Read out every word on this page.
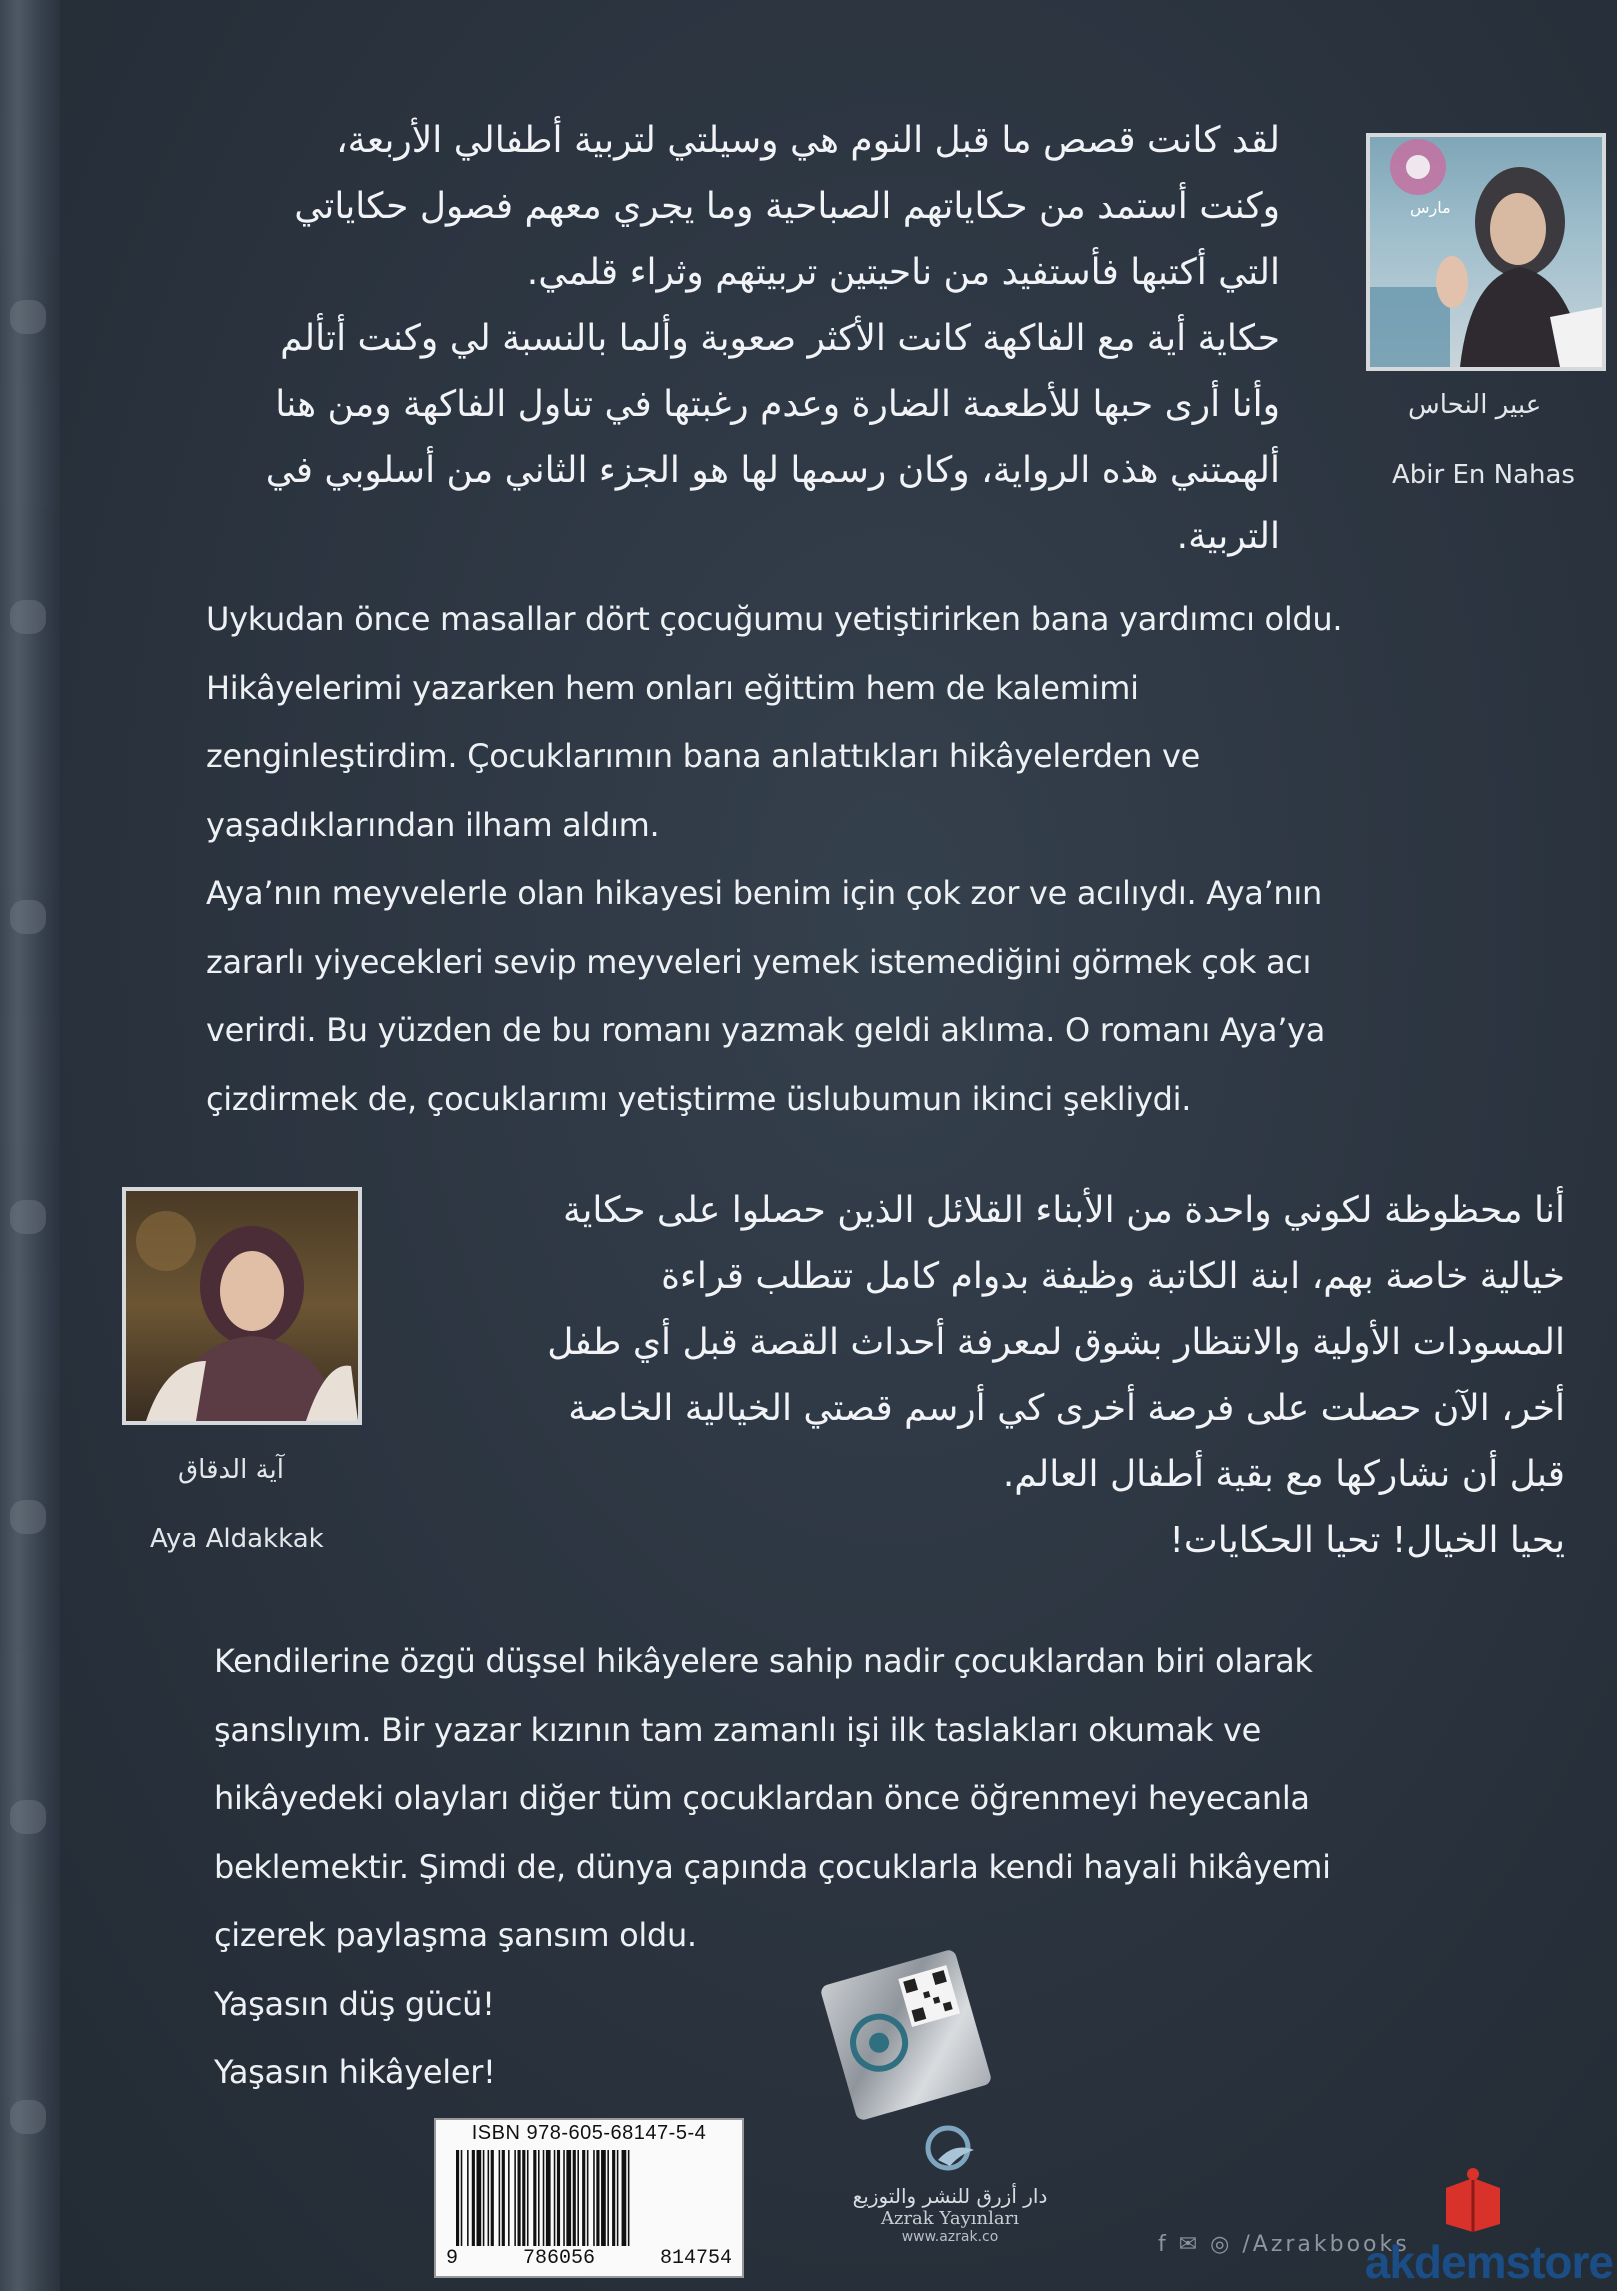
مارس
عبير النحاس
Abir En Nahas

لقد كانت قصص ما قبل النوم هي وسيلتي لتربية أطفالي الأربعة،

وكنت أستمد من حكاياتهم الصباحية وما يجري معهم فصول حكاياتي

التي أكتبها فأستفيد من ناحيتين تربيتهم وثراء قلمي.

حكاية أية مع الفاكهة كانت الأكثر صعوبة وألما بالنسبة لي وكنت أتألم

وأنا أرى حبها للأطعمة الضارة وعدم رغبتها في تناول الفاكهة ومن هنا

ألهمتني هذه الرواية، وكان رسمها لها هو الجزء الثاني من أسلوبي في

التربية.

Uykudan önce masallar dört çocuğumu yetiştirirken bana yardımcı oldu.

Hikâyelerimi yazarken hem onları eğittim hem de kalemimi

zenginleştirdim. Çocuklarımın bana anlattıkları hikâyelerden ve

yaşadıklarından ilham aldım.

Aya’nın meyvelerle olan hikayesi benim için çok zor ve acılıydı. Aya’nın

zararlı yiyecekleri sevip meyveleri yemek istemediğini görmek çok acı

verirdi. Bu yüzden de bu romanı yazmak geldi aklıma. O romanı Aya’ya

çizdirmek de, çocuklarımı yetiştirme üslubumun ikinci şekliydi.

آية الدقاق
Aya Aldakkak

أنا محظوظة لكوني واحدة من الأبناء القلائل الذين حصلوا على حكاية

خيالية خاصة بهم، ابنة الكاتبة وظيفة بدوام كامل تتطلب قراءة

المسودات الأولية والانتظار بشوق لمعرفة أحداث القصة قبل أي طفل

أخر، الآن حصلت على فرصة أخرى كي أرسم قصتي الخيالية الخاصة

قبل أن نشاركها مع بقية أطفال العالم.

يحيا الخيال! تحيا الحكايات!

Kendilerine özgü düşsel hikâyelere sahip nadir çocuklardan biri olarak

şanslıyım. Bir yazar kızının tam zamanlı işi ilk taslakları okumak ve

hikâyedeki olayları diğer tüm çocuklardan önce öğrenmeyi heyecanla

beklemektir. Şimdi de, dünya çapında çocuklarla kendi hayali hikâyemi

çizerek paylaşma şansım oldu.

Yaşasın düş gücü!

Yaşasın hikâyeler!

ISBN 978-605-68147-5-4
9	786056	814754
دار أزرق للنشر والتوزيع
Azrak Yayınları
www.azrak.co	f ✉ ◎ /Azrakbooks
akdemstore
